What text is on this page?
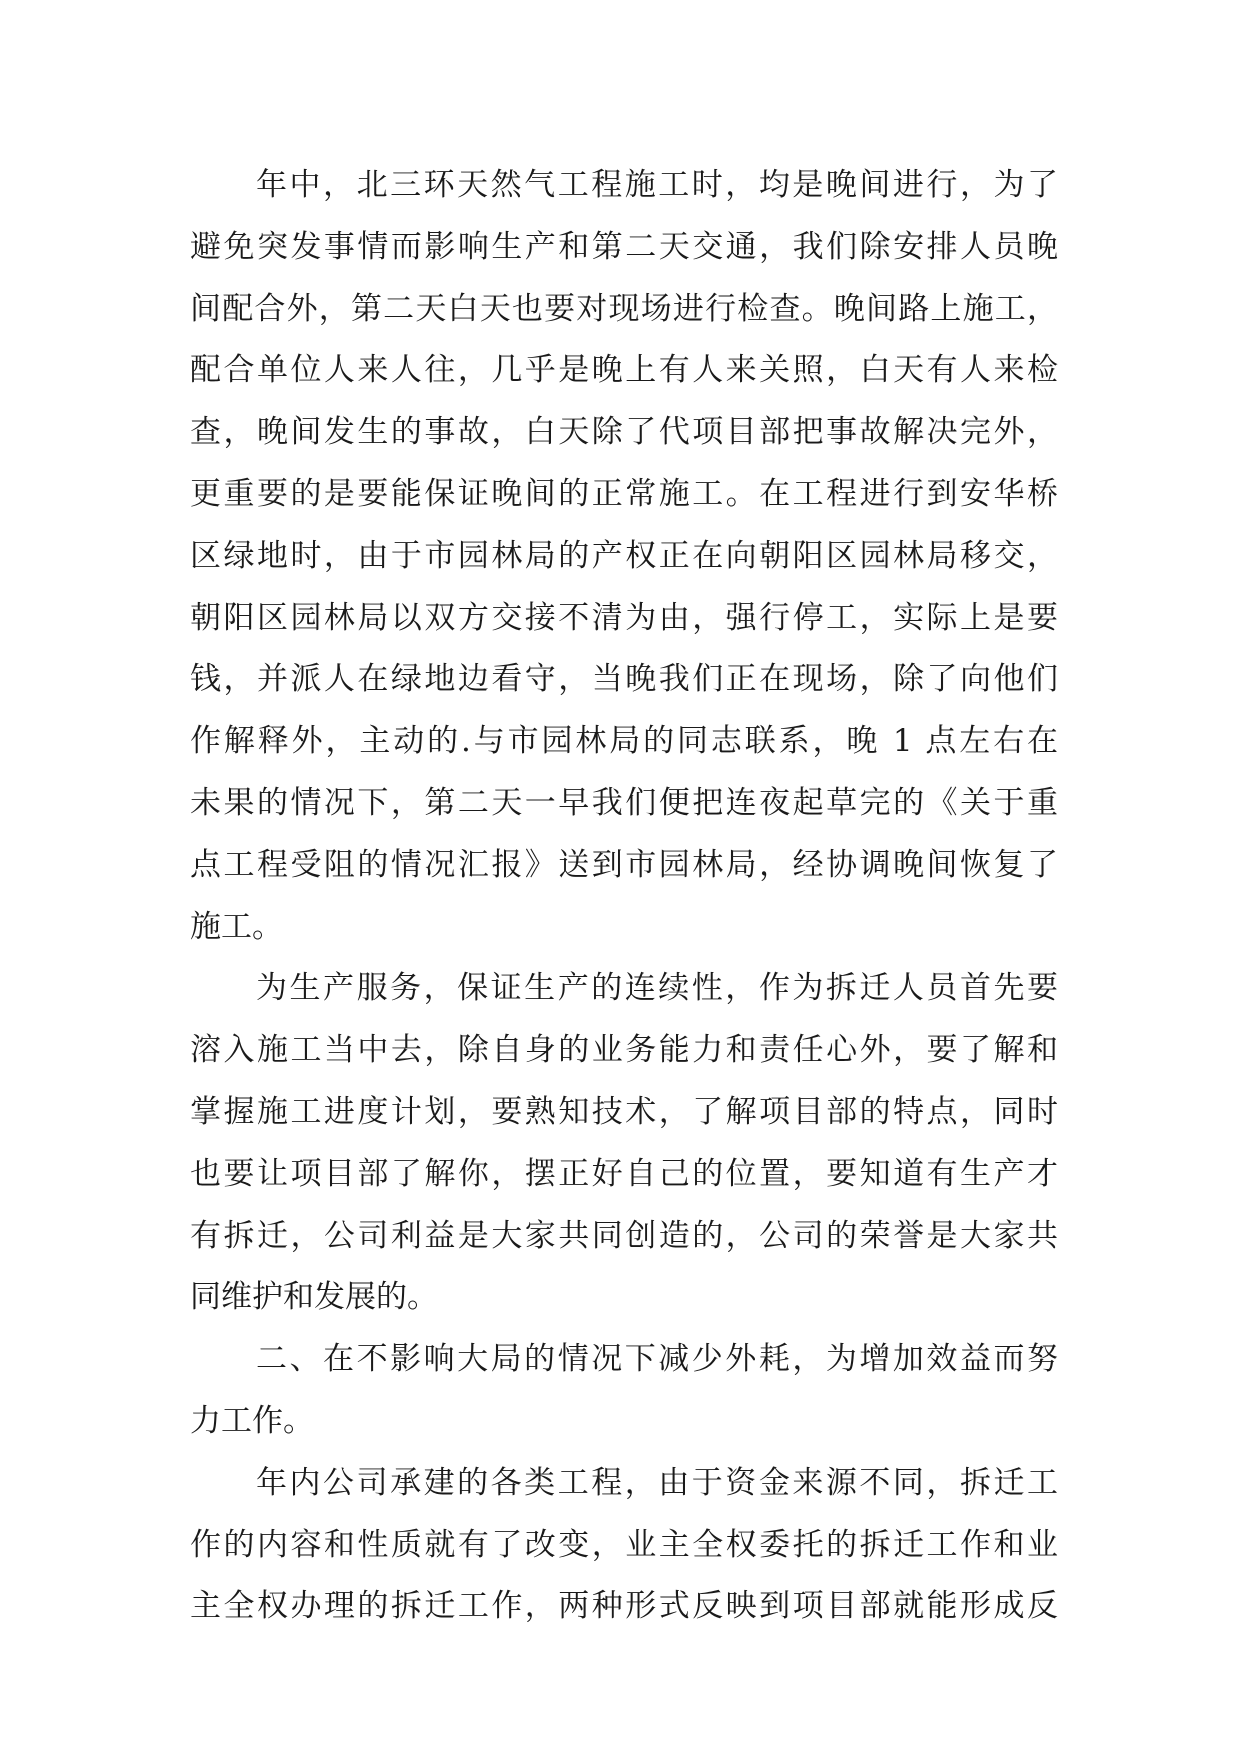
年中，北三环天然气工程施工时，均是晚间进行，为了
避免突发事情而影响生产和第二天交通，我们除安排人员晚
间配合外，第二天白天也要对现场进行检查。晚间路上施工，
配合单位人来人往，几乎是晚上有人来关照，白天有人来检
查，晚间发生的事故，白天除了代项目部把事故解决完外，
更重要的是要能保证晚间的正常施工。在工程进行到安华桥
区绿地时，由于市园林局的产权正在向朝阳区园林局移交，
朝阳区园林局以双方交接不清为由，强行停工，实际上是要
钱，并派人在绿地边看守，当晚我们正在现场，除了向他们
作解释外，主动的.与市园林局的同志联系，晚 1 点左右在
未果的情况下，第二天一早我们便把连夜起草完的《关于重
点工程受阻的情况汇报》送到市园林局，经协调晚间恢复了
施工。
为生产服务，保证生产的连续性，作为拆迁人员首先要
溶入施工当中去，除自身的业务能力和责任心外，要了解和
掌握施工进度计划，要熟知技术，了解项目部的特点，同时
也要让项目部了解你，摆正好自己的位置，要知道有生产才
有拆迁，公司利益是大家共同创造的，公司的荣誉是大家共
同维护和发展的。
二、在不影响大局的情况下减少外耗，为增加效益而努
力工作。
年内公司承建的各类工程，由于资金来源不同，拆迁工
作的内容和性质就有了改变，业主全权委托的拆迁工作和业
主全权办理的拆迁工作，两种形式反映到项目部就能形成反
